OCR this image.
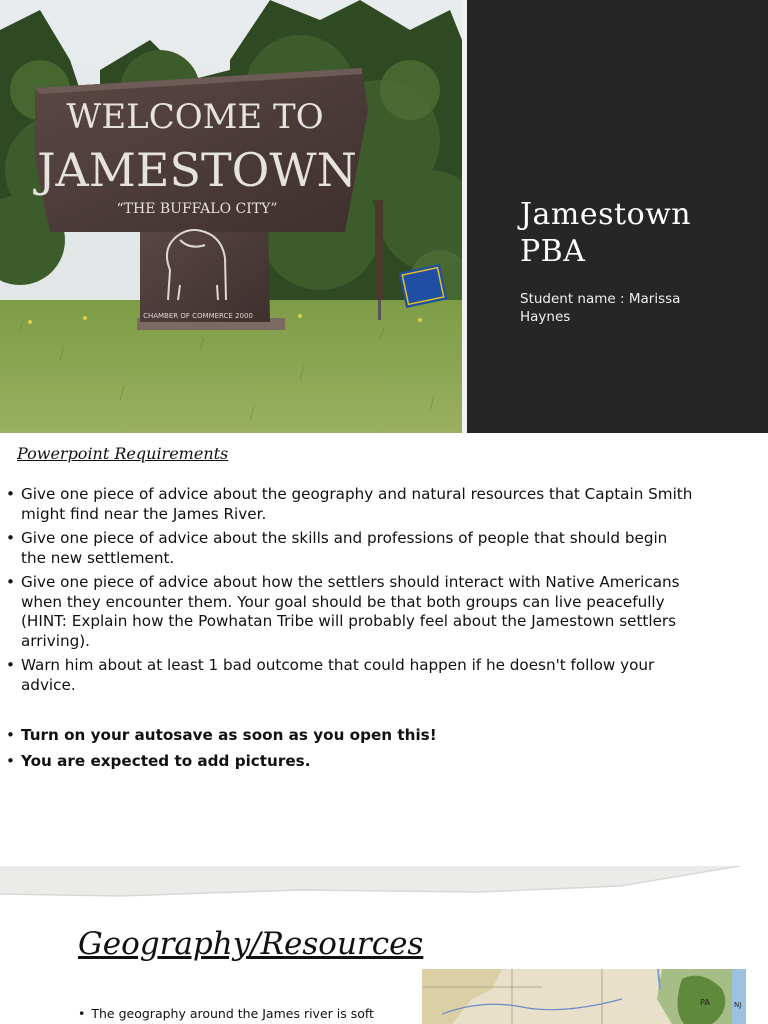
WELCOME TO
JAMESTOWN
“THE BUFFALO CITY”
CHAMBER OF COMMERCE 2000
Jamestown PBA
Student name : Marissa Haynes
Powerpoint Requirements
• Give one piece of advice about the geography and natural resources that Captain Smith might find near the James River.
• Give one piece of advice about the skills and professions of people that should begin the new settlement.
• Give one piece of advice about how the settlers should interact with Native Americans when they encounter them. Your goal should be that both groups can live peacefully (HINT: Explain how the Powhatan Tribe will probably feel about the Jamestown settlers arriving).
• Warn him about at least 1 bad outcome that could happen if he doesn't follow your advice.
• Turn on your autosave as soon as you open this!
• You are expected to add pictures.
Geography/Resources
• The geography around the James river is soft
PA	NJ
